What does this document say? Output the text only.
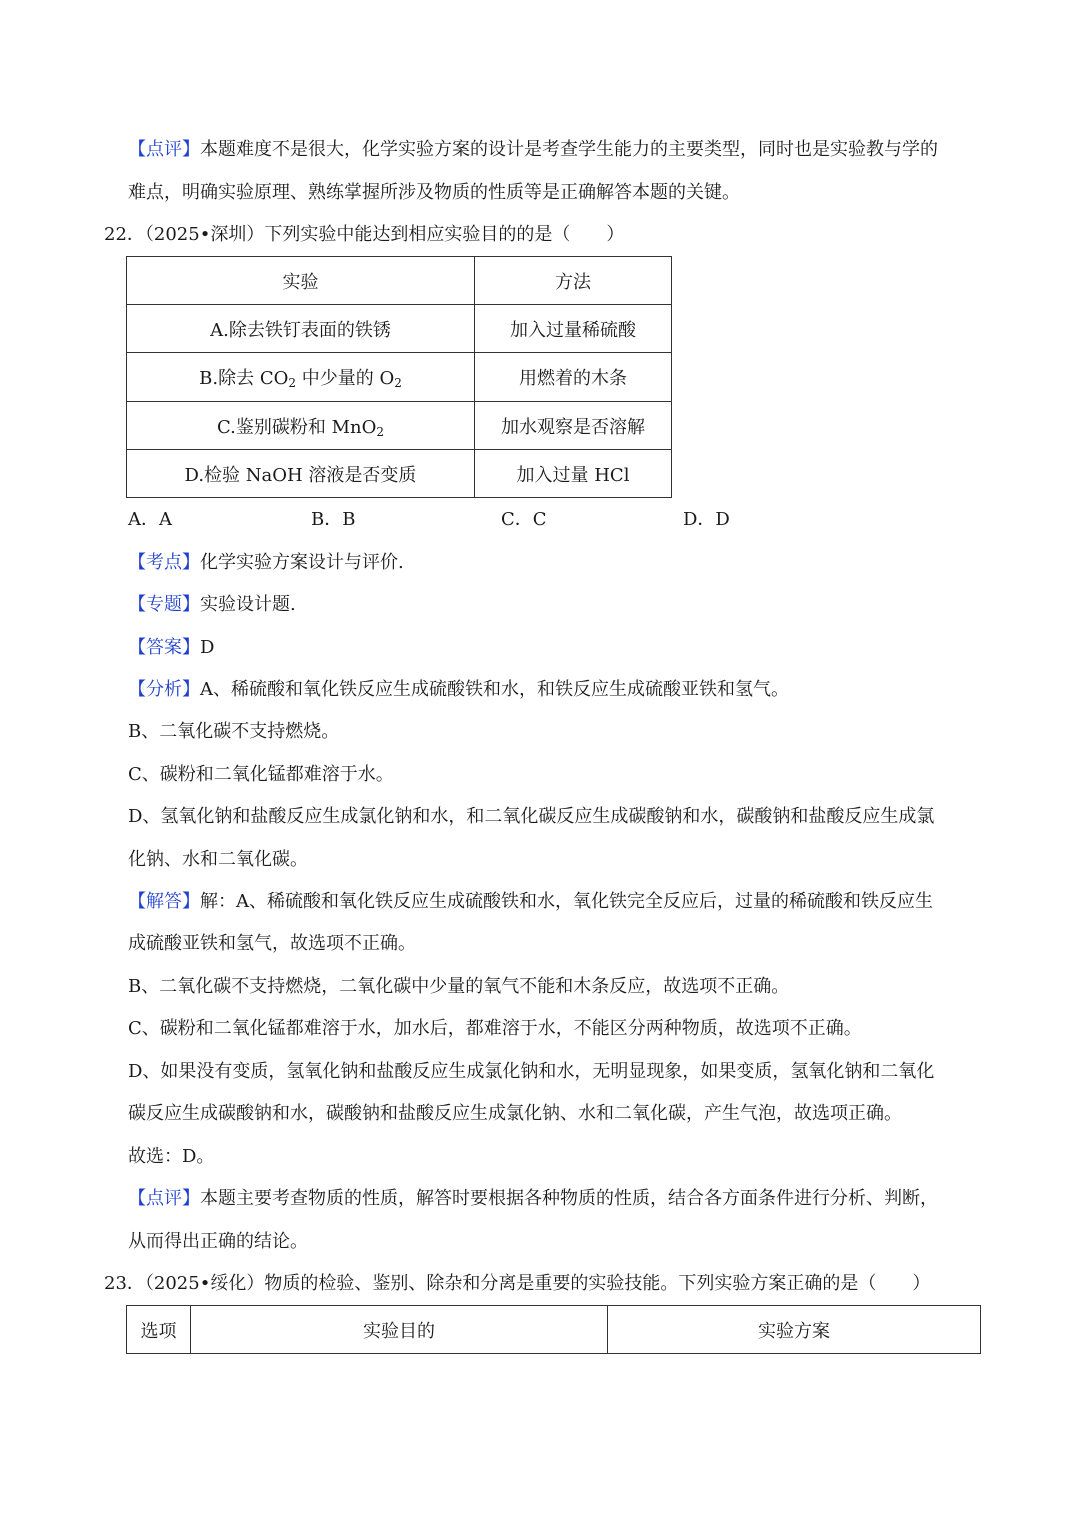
【点评】本题难度不是很大，化学实验方案的设计是考查学生能力的主要类型，同时也是实验教与学的
难点，明确实验原理、熟练掌握所涉及物质的性质等是正确解答本题的关键。
22．（2025•深圳）下列实验中能达到相应实验目的的是（　　）
实验	方法
A.除去铁钉表面的铁锈	加入过量稀硫酸
B.除去 $CO_2$ 中少量的 $O_2$	用燃着的木条
C.鉴别碳粉和 MnO$_2$	加水观察是否溶解
D.检验 NaOH 溶液是否变质	加入过量 HCl
A．A	B．B	C．C	D．D
【考点】化学实验方案设计与评价.
【专题】实验设计题.
【答案】D
【分析】A、稀硫酸和氧化铁反应生成硫酸铁和水，和铁反应生成硫酸亚铁和氢气。
B、二氧化碳不支持燃烧。
C、碳粉和二氧化锰都难溶于水。
D、氢氧化钠和盐酸反应生成氯化钠和水，和二氧化碳反应生成碳酸钠和水，碳酸钠和盐酸反应生成氯
化钠、水和二氧化碳。
【解答】解：A、稀硫酸和氧化铁反应生成硫酸铁和水，氧化铁完全反应后，过量的稀硫酸和铁反应生
成硫酸亚铁和氢气，故选项不正确。
B、二氧化碳不支持燃烧，二氧化碳中少量的氧气不能和木条反应，故选项不正确。
C、碳粉和二氧化锰都难溶于水，加水后，都难溶于水，不能区分两种物质，故选项不正确。
D、如果没有变质，氢氧化钠和盐酸反应生成氯化钠和水，无明显现象，如果变质，氢氧化钠和二氧化
碳反应生成碳酸钠和水，碳酸钠和盐酸反应生成氯化钠、水和二氧化碳，产生气泡，故选项正确。
故选：D。
【点评】本题主要考查物质的性质，解答时要根据各种物质的性质，结合各方面条件进行分析、判断，
从而得出正确的结论。
23．（2025•绥化）物质的检验、鉴别、除杂和分离是重要的实验技能。下列实验方案正确的是（　　）
选项	实验目的	实验方案
